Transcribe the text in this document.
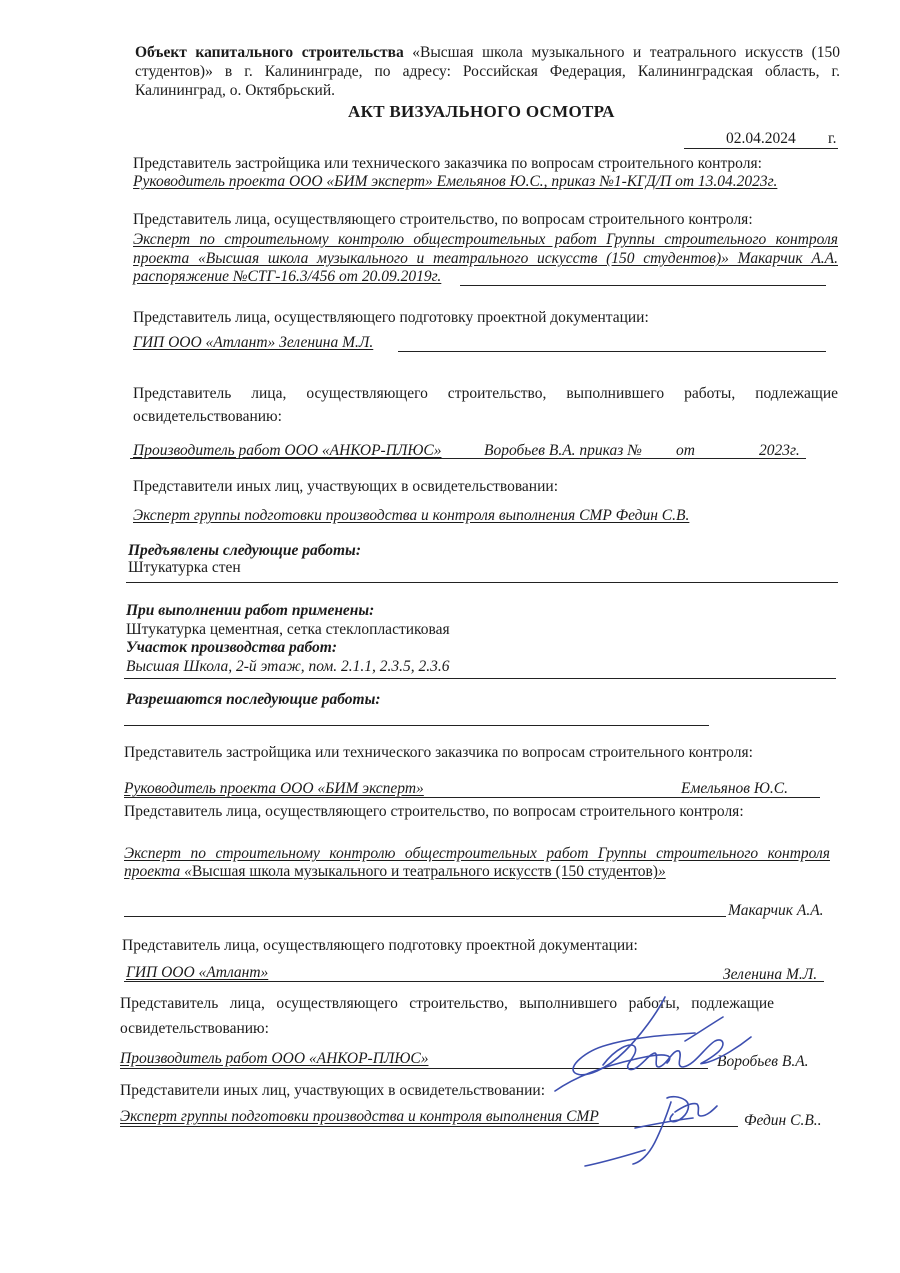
Объект капитального строительства «Высшая школа музыкального и театрального искусств (150
студентов)» в г. Калининграде, по адресу: Российская Федерация, Калининградская область, г.
Калининград, о. Октябрьский.
АКТ ВИЗУАЛЬНОГО ОСМОТРА
02.04.2024 г.
Представитель застройщика или технического заказчика по вопросам строительного контроля:
Руководитель проекта ООО «БИМ эксперт» Емельянов Ю.С., приказ №1-КГД/П от 13.04.2023г.
Представитель лица, осуществляющего строительство, по вопросам строительного контроля:
Эксперт по строительному контролю общестроительных работ Группы строительного контроля
проекта «Высшая школа музыкального и театрального искусств (150 студентов)» Макарчик А.А.
распоряжение №СТГ-16.3/456 от 20.09.2019г.
Представитель лица, осуществляющего подготовку проектной документации:
ГИП ООО «Атлант» Зеленина М.Л.
Представитель лица, осуществляющего строительство, выполнившего работы, подлежащие
освидетельствованию:
Производитель работ ООО «АНКОР-ПЛЮС»	Воробьев В.А. приказ № от	2023г.
Представители иных лиц, участвующих в освидетельствовании:
Эксперт группы подготовки производства и контроля выполнения СМР Федин С.В.
Предъявлены следующие работы:
Штукатурка стен
При выполнении работ применены:
Штукатурка цементная, сетка стеклопластиковая
Участок производства работ:
Высшая Школа, 2-й этаж, пом. 2.1.1, 2.3.5, 2.3.6
Разрешаются последующие работы:
Представитель застройщика или технического заказчика по вопросам строительного контроля:
Руководитель проекта ООО «БИМ эксперт»	Емельянов Ю.С.
Представитель лица, осуществляющего строительство, по вопросам строительного контроля:
Эксперт по строительному контролю общестроительных работ Группы строительного контроля
проекта «Высшая школа музыкального и театрального искусств (150 студентов)»
Макарчик А.А.
Представитель лица, осуществляющего подготовку проектной документации:
ГИП ООО «Атлант»	Зеленина М.Л.
Представитель лица, осуществляющего строительство, выполнившего работы, подлежащие
освидетельствованию:
Производитель работ ООО «АНКОР-ПЛЮС»	Воробьев В.А.
Представители иных лиц, участвующих в освидетельствовании:
Эксперт группы подготовки производства и контроля выполнения СМР	Федин С.В..
